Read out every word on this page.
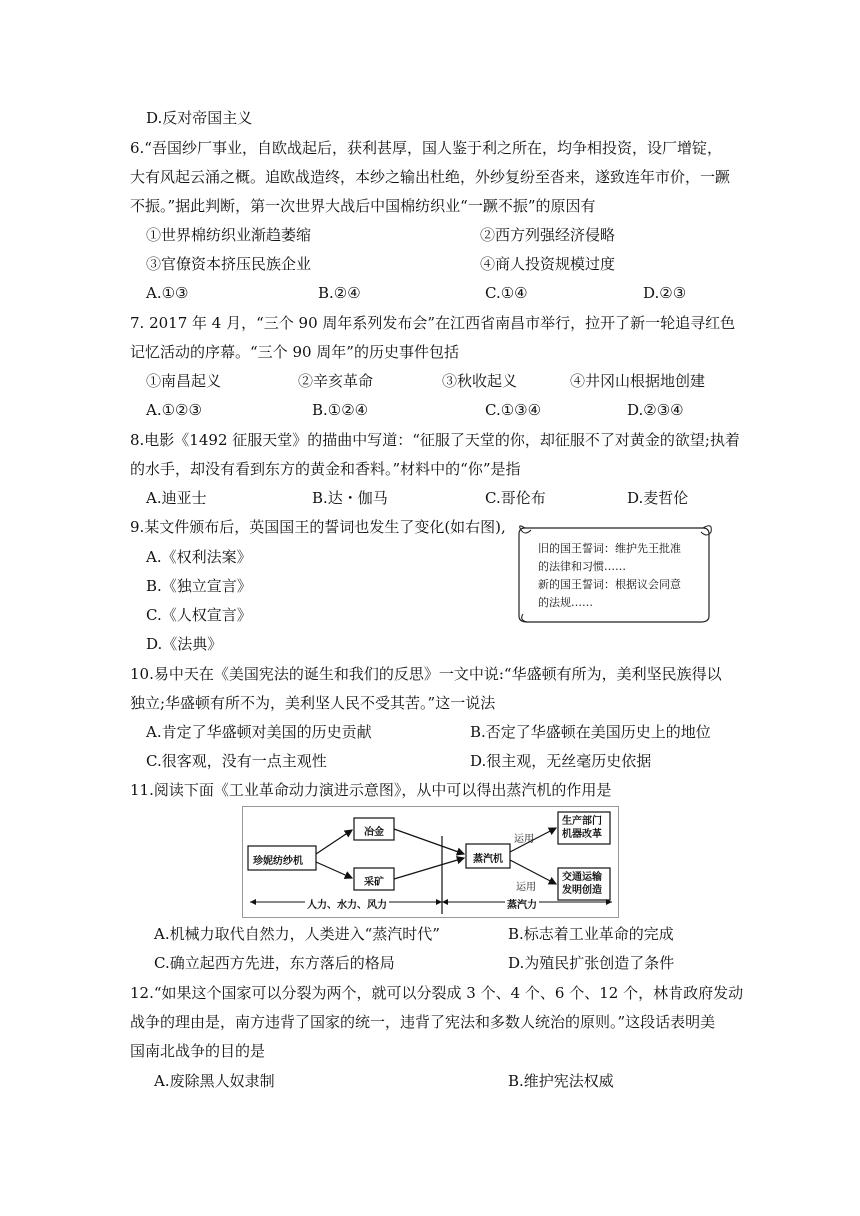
D.反对帝国主义
6.“吾国纱厂事业，自欧战起后，获利甚厚，国人鉴于利之所在，均争相投资，设厂增锭，
大有风起云涌之概。追欧战造终，本纱之输出杜绝，外纱复纷至沓来，遂致连年市价，一蹶
不振。”据此判断，第一次世界大战后中国棉纺织业“一蹶不振”的原因有
①世界棉纺织业渐趋萎缩	②西方列强经济侵略
③官僚资本挤压民族企业	④商人投资规模过度
A.①③	B.②④	C.①④	D.②③
7. 2017 年 4 月，“三个 90 周年系列发布会”在江西省南昌市举行，拉开了新一轮追寻红色
记忆活动的序幕。“三个 90 周年”的历史事件包括
①南昌起义	②辛亥革命	③秋收起义	④井冈山根据地创建
A.①②③	B.①②④	C.①③④	D.②③④
8.电影《1492 征服天堂》的描曲中写道：“征服了天堂的你，却征服不了对黄金的欲望;执着
的水手，却没有看到东方的黄金和香料。”材料中的“你”是指
A.迪亚士	B.达・伽马	C.哥伦布	D.麦哲伦
9.某文件颁布后，英国国王的誓词也发生了变化(如右图),
A.《权利法案》
B.《独立宣言》
C.《人权宣言》
D.《法典》
旧的国王誓词：维护先王批准
的法律和习惯……
新的国王誓词：根据议会同意
的法规……
10.易中天在《美国宪法的诞生和我们的反思》一文中说:“华盛顿有所为，美利坚民族得以
独立;华盛顿有所不为，美利坚人民不受其苦。”这一说法
A.肯定了华盛顿对美国的历史贡献	B.否定了华盛顿在美国历史上的地位
C.很客观，没有一点主观性	D.很主观，无丝毫历史依据
11.阅读下面《工业革命动力演进示意图》，从中可以得出蒸汽机的作用是
珍妮纺纱机
冶金
采矿
蒸汽机
运用
运用
生产部门机器改革
交通运输发明创造
人力、水力、风力	蒸汽力
A.机械力取代自然力，人类进入“蒸汽时代”	B.标志着工业革命的完成
C.确立起西方先进，东方落后的格局	D.为殖民扩张创造了条件
12.“如果这个国家可以分裂为两个，就可以分裂成 3 个、4 个、6 个、12 个，林肯政府发动
战争的理由是，南方违背了国家的统一，违背了宪法和多数人统治的原则。”这段话表明美
国南北战争的目的是
A.废除黑人奴隶制	B.维护宪法权威
